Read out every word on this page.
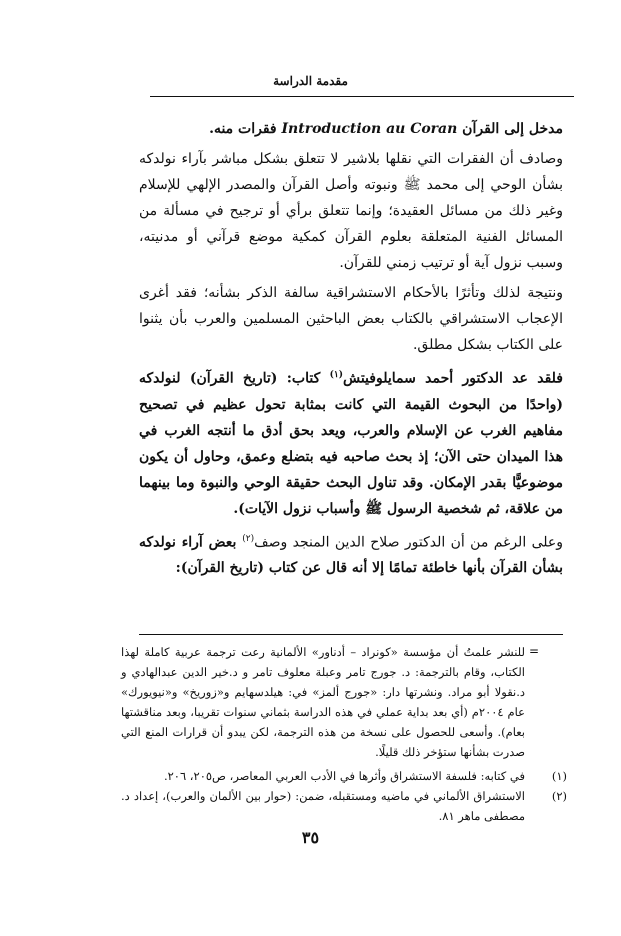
مقدمة الدراسة

مدخل إلى القرآن Introduction au Coran فقرات منه.

وصادف أن الفقرات التي نقلها بلاشير لا تتعلق بشكل مباشر بآراء نولدكه بشأن الوحي إلى محمد ﷺ ونبوته وأصل القرآن والمصدر الإلهي للإسلام وغير ذلك من مسائل العقيدة؛ وإنما تتعلق برأي أو ترجيح في مسألة من المسائل الفنية المتعلقة بعلوم القرآن كمكية موضع قرآني أو مدنيته، وسبب نزول آية أو ترتيب زمني للقرآن.

ونتيجة لذلك وتأثرًا بالأحكام الاستشراقية سالفة الذكر بشأنه؛ فقد أغرى الإعجاب الاستشراقي بالكتاب بعض الباحثين المسلمين والعرب بأن يثنوا على الكتاب بشكل مطلق.

فلقد عد الدكتور أحمد سمايلوفيتش$^{(١)}$ كتاب: (تاريخ القرآن) لنولدكه (واحدًا من البحوث القيمة التي كانت بمثابة تحول عظيم في تصحيح مفاهيم الغرب عن الإسلام والعرب، ويعد بحق أدق ما أنتجه الغرب في هذا الميدان حتى الآن؛ إذ بحث صاحبه فيه بتضلع وعمق، وحاول أن يكون موضوعيًّا بقدر الإمكان. وقد تناول البحث حقيقة الوحي والنبوة وما بينهما من علاقة، ثم شخصية الرسول ﷺ وأسباب نزول الآيات).

وعلى الرغم من أن الدكتور صلاح الدين المنجد وصف$^{(٢)}$ بعض آراء نولدكه بشأن القرآن بأنها خاطئة تمامًا إلا أنه قال عن كتاب (تاريخ القرآن):

=

للنشر علمتُ أن مؤسسة «كونراد – أدناور» الألمانية رعت ترجمة عربية كاملة لهذا الكتاب، وقام بالترجمة: د. جورج تامر وعبلة معلوف تامر و د.خير الدين عبدالهادي و د.نقولا أبو مراد. ونشرتها دار: «جورج ألمز» في: هيلدسهايم و«زوريخ» و«نيويورك» عام ٢٠٠٤م (أي بعد بداية عملي في هذه الدراسة بثماني سنوات تقريبا، وبعد مناقشتها بعام). وأسعى للحصول على نسخة من هذه الترجمة، لكن يبدو أن قرارات المنع التي صدرت بشأنها ستؤخر ذلك قليلًا.

(١)
في كتابه: فلسفة الاستشراق وأثرها في الأدب العربي المعاصر، ص٢٠٥، ٢٠٦.

(٢)
الاستشراق الألماني في ماضيه ومستقبله، ضمن: (حوار بين الألمان والعرب)، إعداد د. مصطفى ماهر ٨١.

٣٥
